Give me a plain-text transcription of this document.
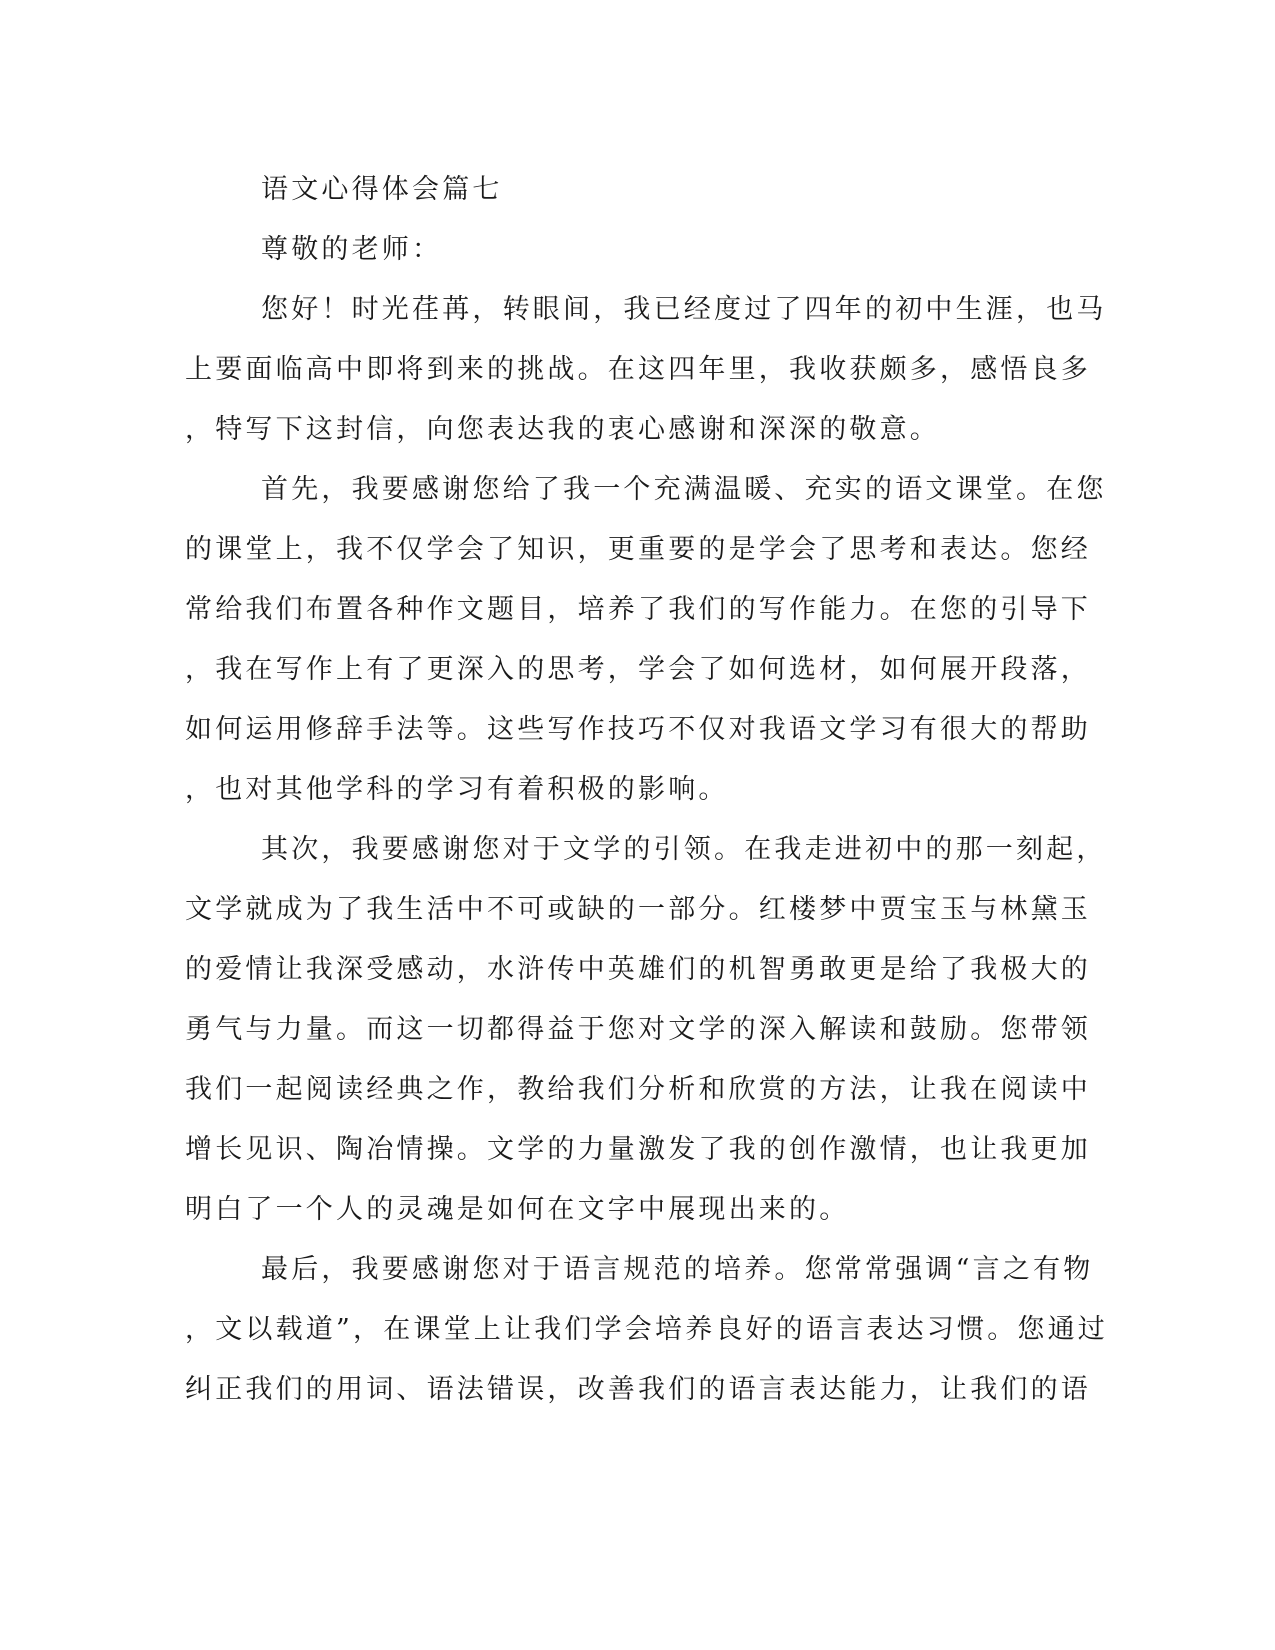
语文心得体会篇七
尊敬的老师：
您好！时光荏苒，转眼间，我已经度过了四年的初中生涯，也马
上要面临高中即将到来的挑战。在这四年里，我收获颇多，感悟良多
，特写下这封信，向您表达我的衷心感谢和深深的敬意。
首先，我要感谢您给了我一个充满温暖、充实的语文课堂。在您
的课堂上，我不仅学会了知识，更重要的是学会了思考和表达。您经
常给我们布置各种作文题目，培养了我们的写作能力。在您的引导下
，我在写作上有了更深入的思考，学会了如何选材，如何展开段落，
如何运用修辞手法等。这些写作技巧不仅对我语文学习有很大的帮助
，也对其他学科的学习有着积极的影响。
其次，我要感谢您对于文学的引领。在我走进初中的那一刻起，
文学就成为了我生活中不可或缺的一部分。红楼梦中贾宝玉与林黛玉
的爱情让我深受感动，水浒传中英雄们的机智勇敢更是给了我极大的
勇气与力量。而这一切都得益于您对文学的深入解读和鼓励。您带领
我们一起阅读经典之作，教给我们分析和欣赏的方法，让我在阅读中
增长见识、陶冶情操。文学的力量激发了我的创作激情，也让我更加
明白了一个人的灵魂是如何在文字中展现出来的。
最后，我要感谢您对于语言规范的培养。您常常强调“言之有物
，文以载道”，在课堂上让我们学会培养良好的语言表达习惯。您通过
纠正我们的用词、语法错误，改善我们的语言表达能力，让我们的语
